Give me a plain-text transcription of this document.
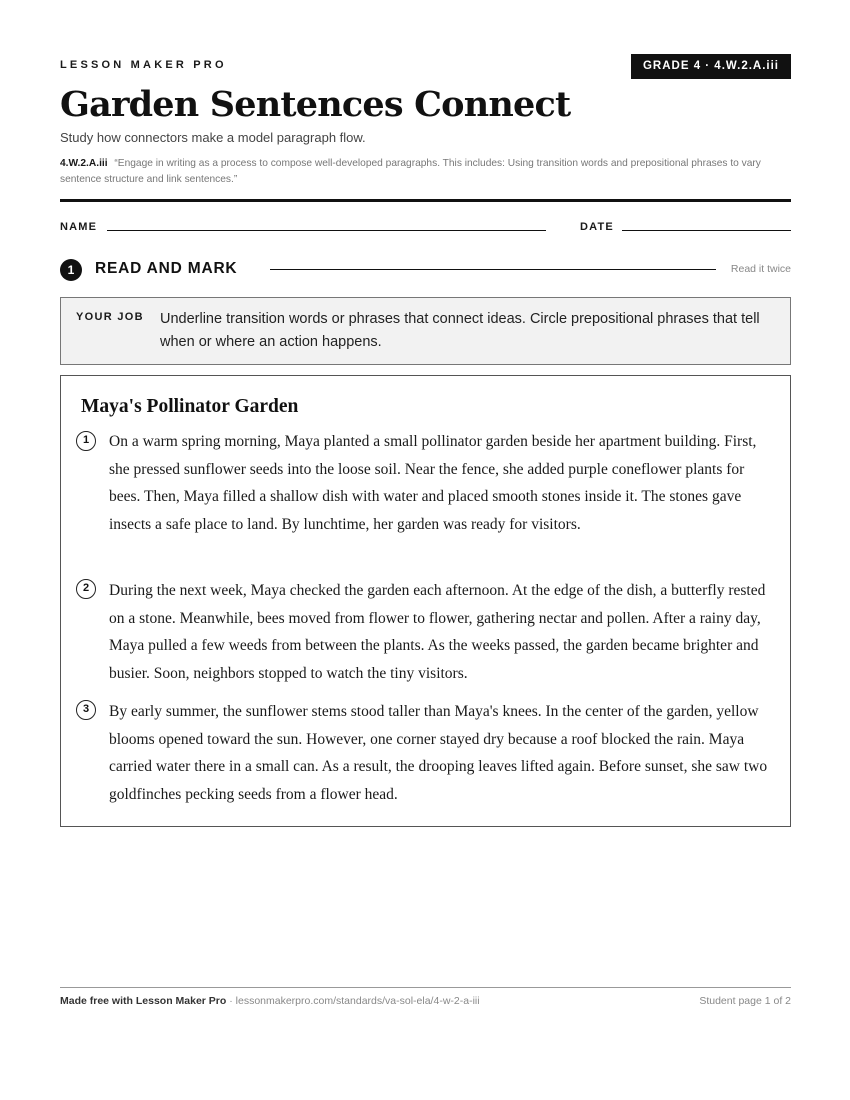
LESSON MAKER PRO	GRADE 4 · 4.W.2.A.iii
Garden Sentences Connect
Study how connectors make a model paragraph flow.
4.W.2.A.iii “Engage in writing as a process to compose well-developed paragraphs. This includes: Using transition words and prepositional phrases to vary sentence structure and link sentences.”
NAME	DATE
1	READ AND MARK	Read it twice
YOUR JOB Underline transition words or phrases that connect ideas. Circle prepositional phrases that tell when or where an action happens.
Maya's Pollinator Garden
1	On a warm spring morning, Maya planted a small pollinator garden beside her apartment building. First, she pressed sunflower seeds into the loose soil. Near the fence, she added purple coneflower plants for bees. Then, Maya filled a shallow dish with water and placed smooth stones inside it. The stones gave insects a safe place to land. By lunchtime, her garden was ready for visitors.
2	During the next week, Maya checked the garden each afternoon. At the edge of the dish, a butterfly rested on a stone. Meanwhile, bees moved from flower to flower, gathering nectar and pollen. After a rainy day, Maya pulled a few weeds from between the plants. As the weeks passed, the garden became brighter and busier. Soon, neighbors stopped to watch the tiny visitors.
3	By early summer, the sunflower stems stood taller than Maya's knees. In the center of the garden, yellow blooms opened toward the sun. However, one corner stayed dry because a roof blocked the rain. Maya carried water there in a small can. As a result, the drooping leaves lifted again. Before sunset, she saw two goldfinches pecking seeds from a flower head.
Made free with Lesson Maker Pro · lessonmakerpro.com/standards/va-sol-ela/4-w-2-a-iii	Student page 1 of 2
